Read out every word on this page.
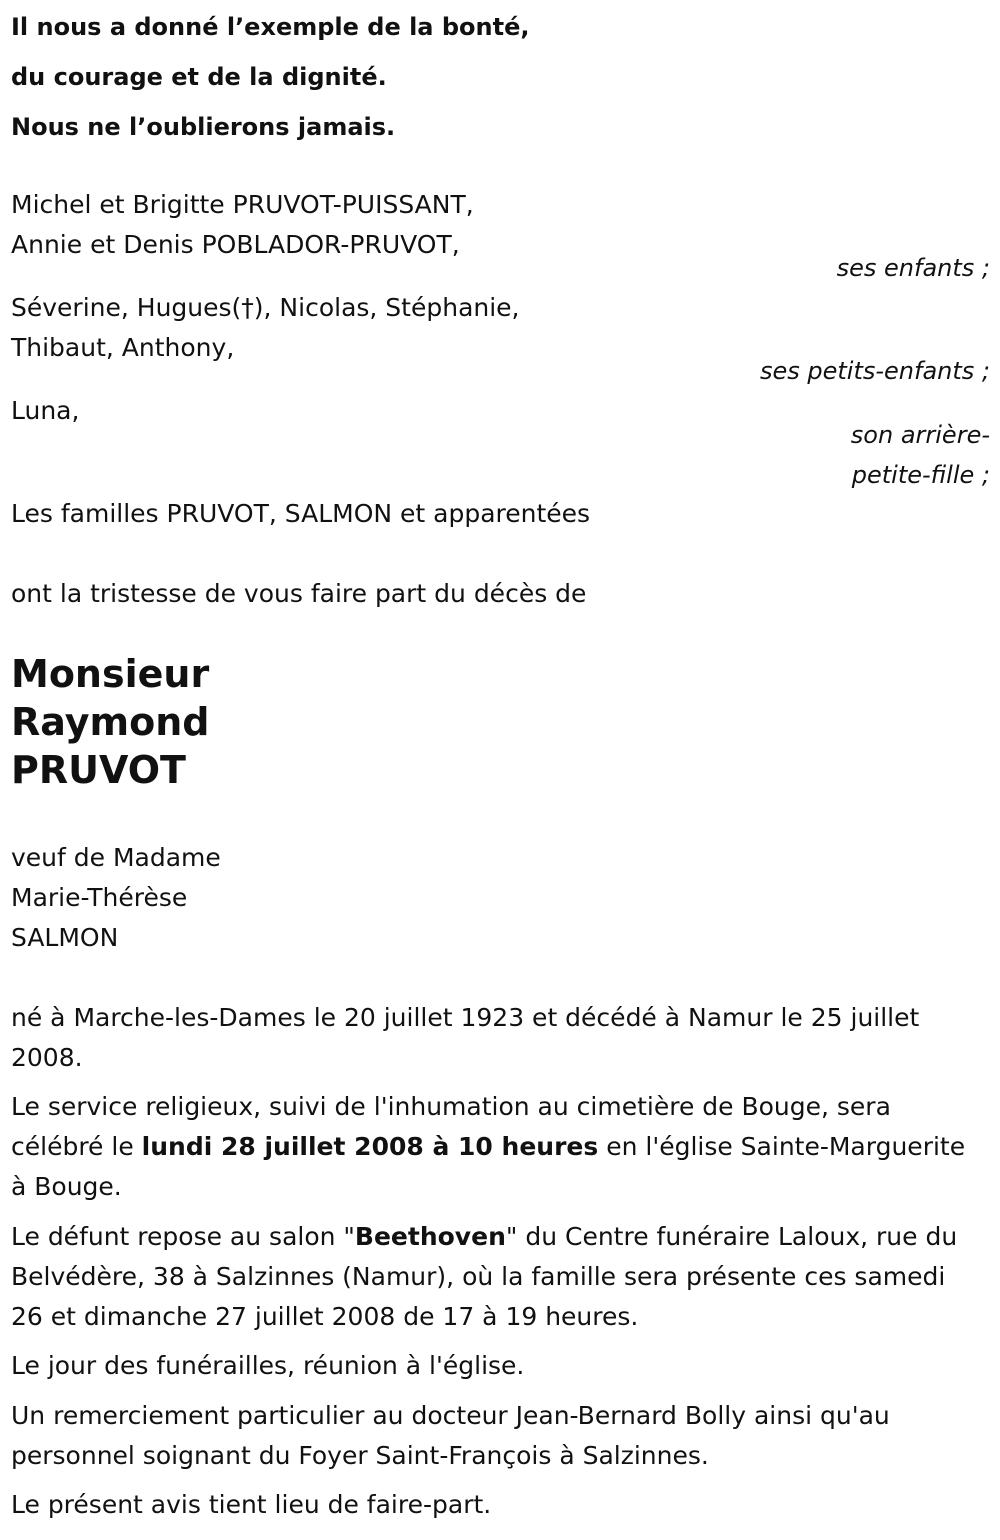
Il nous a donné l’exemple de la bonté,
du courage et de la dignité.
Nous ne l’oublierons jamais.
Michel et Brigitte PRUVOT-PUISSANT,
Annie et Denis POBLADOR-PRUVOT,
ses enfants ;
Séverine, Hugues(†), Nicolas, Stéphanie,
Thibaut, Anthony,
ses petits-enfants ;
Luna,
son arrière-
petite-fille ;
Les familles PRUVOT, SALMON et apparentées
ont la tristesse de vous faire part du décès de
Monsieur
Raymond
PRUVOT
veuf de Madame
Marie-Thérèse
SALMON
né à Marche-les-Dames le 20 juillet 1923 et décédé à Namur le 25 juillet 2008.
Le service religieux, suivi de l'inhumation au cimetière de Bouge, sera célébré le lundi 28 juillet 2008 à 10 heures en l'église Sainte-Marguerite à Bouge.
Le défunt repose au salon "Beethoven" du Centre funéraire Laloux, rue du Belvédère, 38 à Salzinnes (Namur), où la famille sera présente ces samedi 26 et dimanche 27 juillet 2008 de 17 à 19 heures.
Le jour des funérailles, réunion à l'église.
Un remerciement particulier au docteur Jean-Bernard Bolly ainsi qu'au personnel soignant du Foyer Saint-François à Salzinnes.
Le présent avis tient lieu de faire-part.
